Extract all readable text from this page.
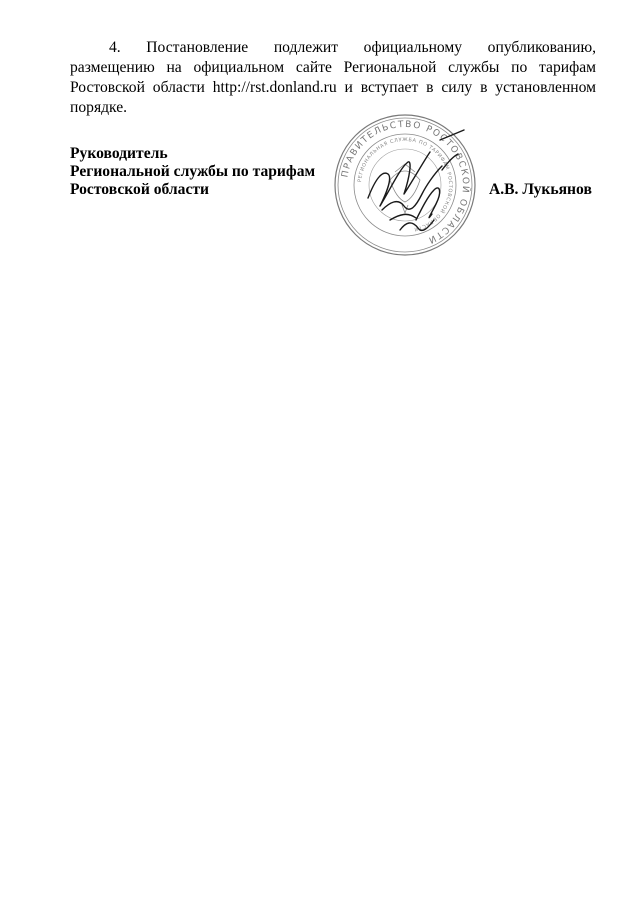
4. Постановление подлежит официальному опубликованию, размещению на официальном сайте Региональной службы по тарифам Ростовской области http://rst.donland.ru и вступает в силу в установленном порядке.

Руководитель
Региональной службы по тарифам
Ростовской области
ПРАВИТЕЛЬСТВО РОСТОВСКОЙ ОБЛАСТИ
РЕГИОНАЛЬНАЯ СЛУЖБА ПО ТАРИФАМ РОСТОВСКОЙ ОБЛАСТИ
А.В. Лукьянов
